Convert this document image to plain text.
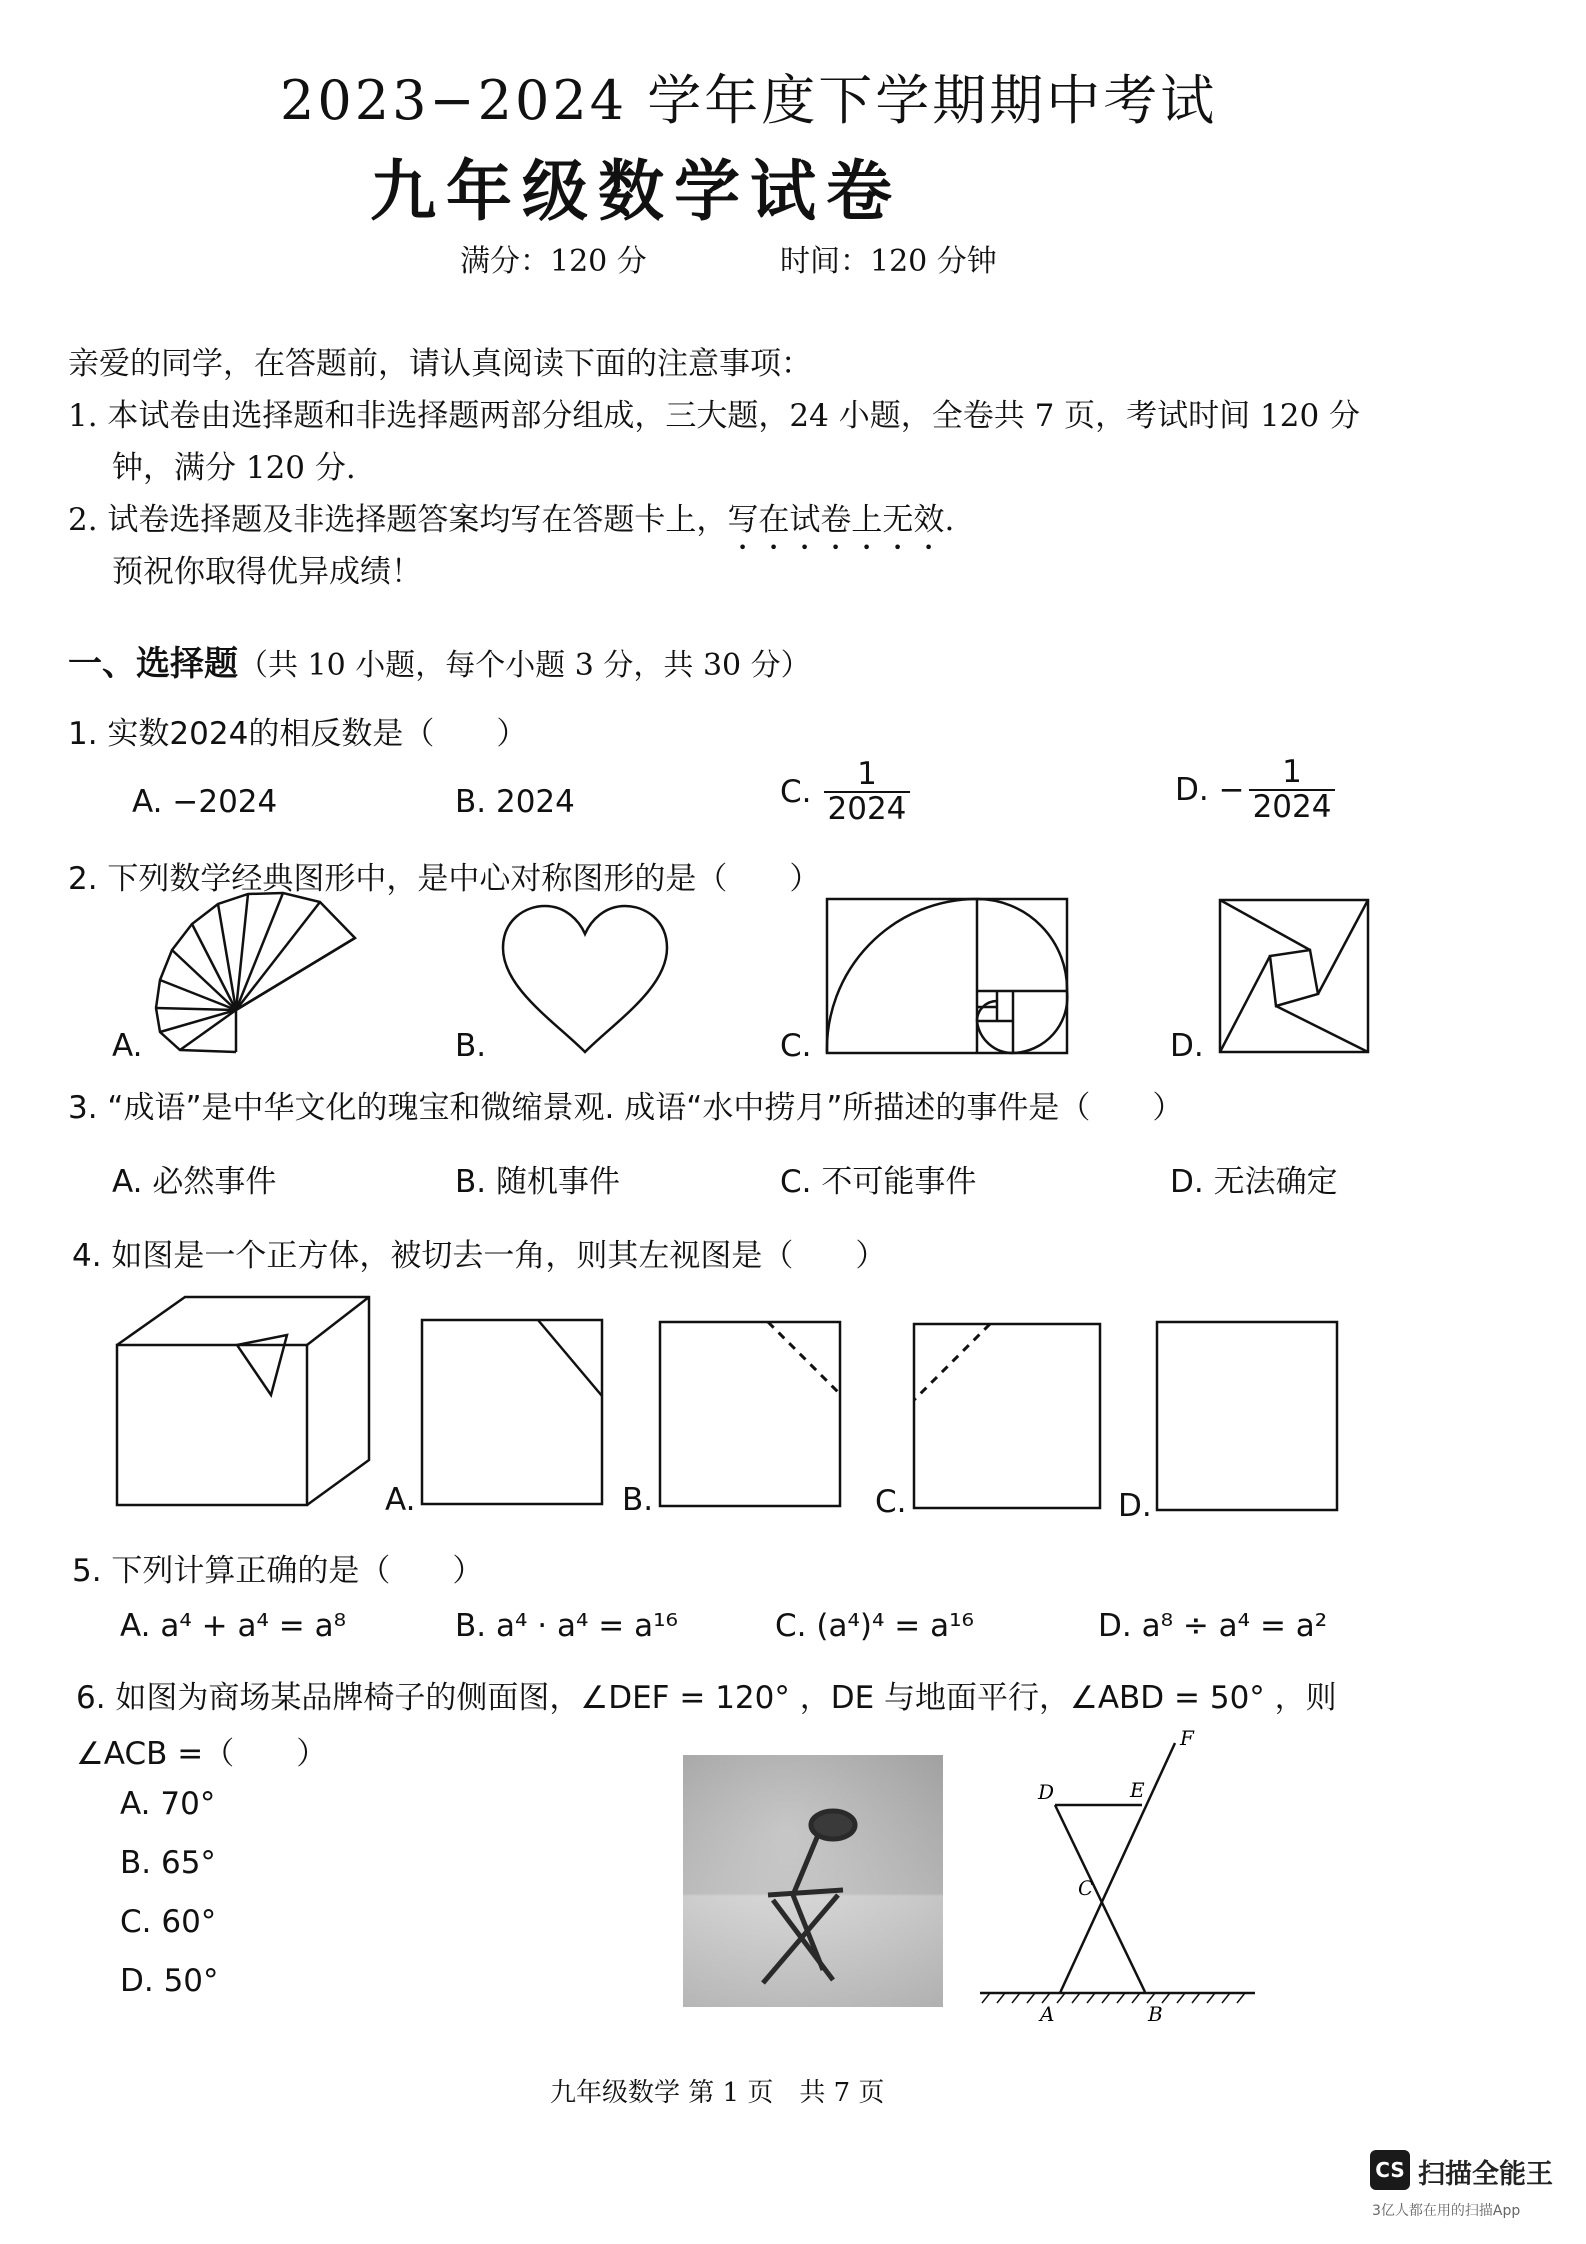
2023−2024 学年度下学期期中考试
九年级数学试卷
满分：120 分	时间：120 分钟
亲爱的同学，在答题前，请认真阅读下面的注意事项：
1. 本试卷由选择题和非选择题两部分组成，三大题，24 小题，全卷共 7 页，考试时间 120 分
钟，满分 120 分.
2. 试卷选择题及非选择题答案均写在答题卡上，写在试卷上无效.
预祝你取得优异成绩！
一、选择题（共 10 小题，每个小题 3 分，共 30 分）
1. 实数2024的相反数是（　　）
A. −2024	B. 2024	C. $\frac{1}{2024}$	D. − $\frac{1}{2024}$
2. 下列数学经典图形中，是中心对称图形的是（　　）
A.	B.	C.	D.
3. “成语”是中华文化的瑰宝和微缩景观. 成语“水中捞月”所描述的事件是（　　）
A. 必然事件	B. 随机事件	C. 不可能事件	D. 无法确定
4. 如图是一个正方体，被切去一角，则其左视图是（　　）
A.	B.	C.	D.
5. 下列计算正确的是（　　）
A. a⁴ + a⁴ = a⁸	B. a⁴ · a⁴ = a¹⁶	C. (a⁴)⁴ = a¹⁶	D. a⁸ ÷ a⁴ = a²
6. 如图为商场某品牌椅子的侧面图，∠DEF = 120° ，DE 与地面平行，∠ABD = 50° ，则
∠ACB =（　　）
A. 70°
B. 65°
C. 60°
D. 50°
F
D	E
C
A	B
九年级数学 第 1 页　共 7 页
CS 扫描全能王
3亿人都在用的扫描App
